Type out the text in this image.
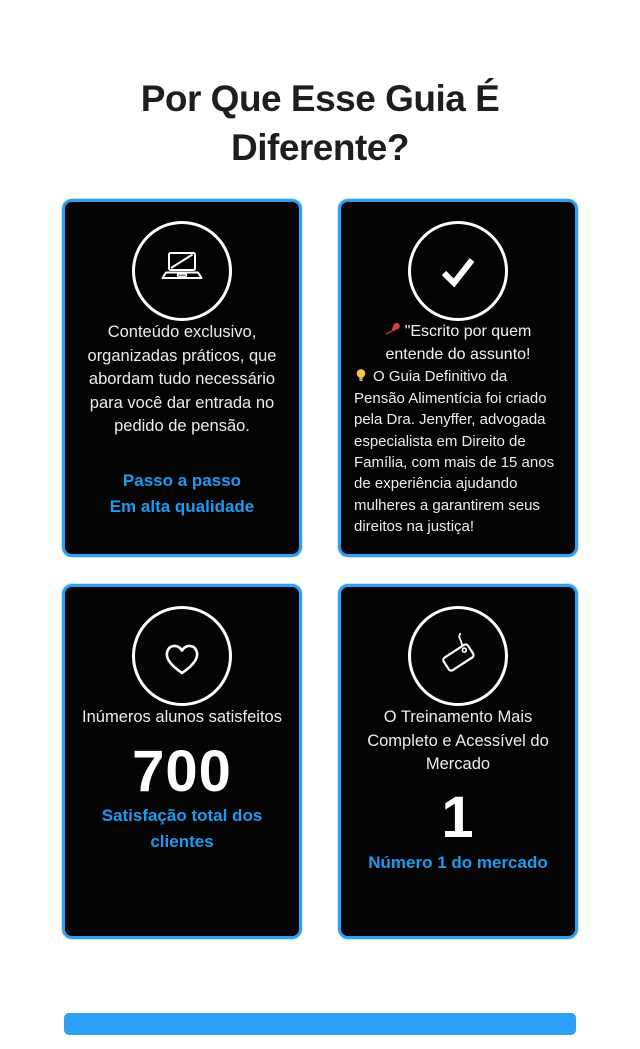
Por Que Esse Guia É
Diferente?

Conteúdo exclusivo, organizadas práticos, que abordam tudo necessário para você dar entrada no pedido de pensão.

Passo a passo
Em alta qualidade

"Escrito por quem entende do assunto!

O Guia Definitivo da Pensão Alimentícia foi criado pela Dra. Jenyffer, advogada especialista em Direito de Família, com mais de 15 anos de experiência ajudando mulheres a garantirem seus direitos na justiça!

Inúmeros alunos satisfeitos

700

Satisfação total dos clientes

O Treinamento Mais Completo e Acessível do Mercado

1

Número 1 do mercado
